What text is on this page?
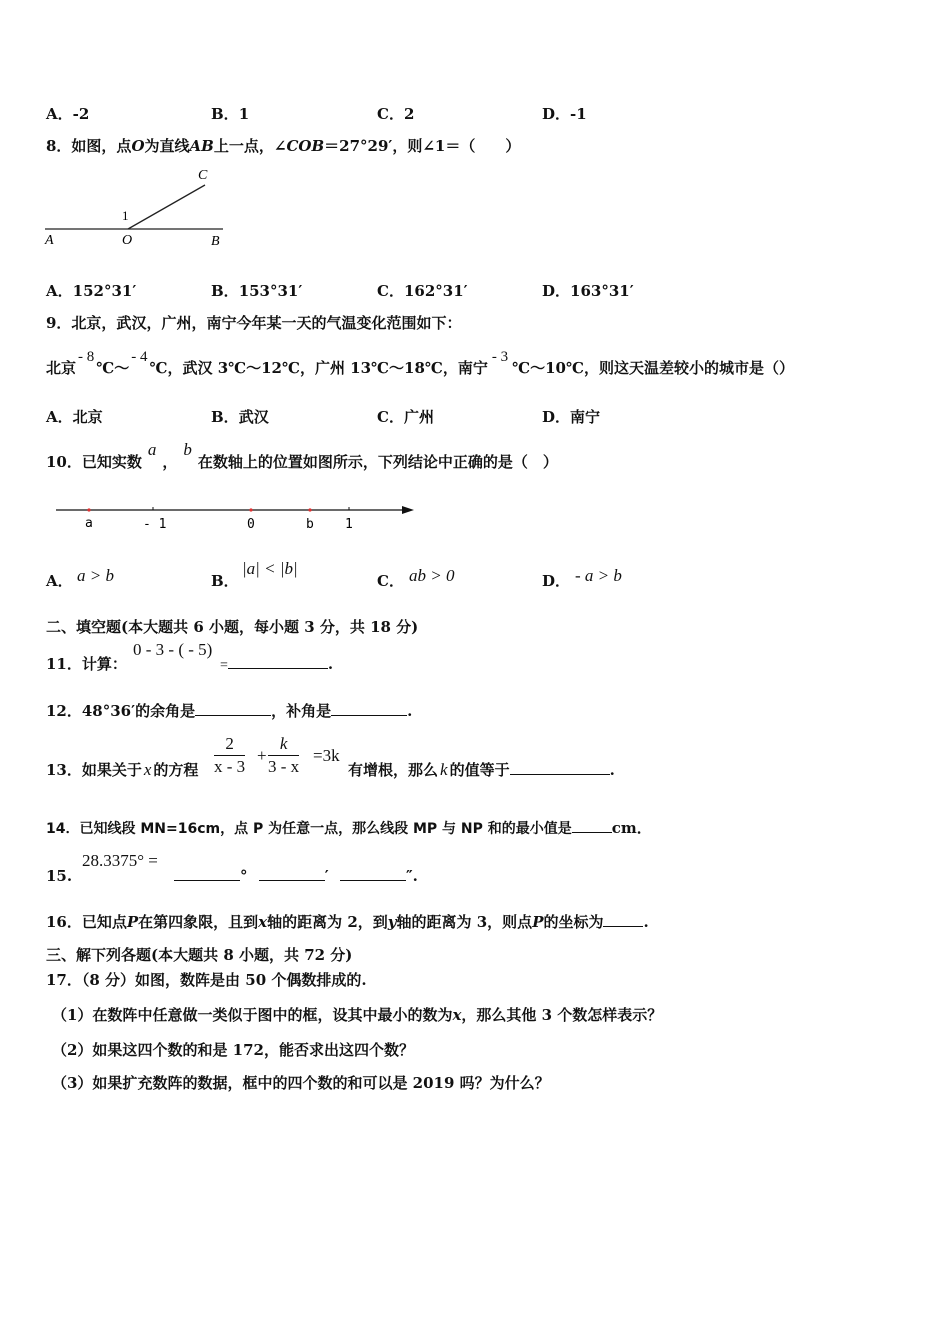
A．-2	B．1	C．2	D．-1
8．如图，点O为直线AB上一点，∠COB＝27°29′，则∠1＝（　　）
A	O	B
C
1
A．152°31′	B．153°31′	C．162°31′	D．163°31′
9．北京，武汉，广州，南宁今年某一天的气温变化范围如下：
北京- 8℃～- 4℃，武汉 3℃～12℃，广州 13℃～18℃，南宁- 3℃～10℃，则这天温差较小的城市是（）
A．北京	B．武汉	C．广州	D．南宁
10．已知实数a，b在数轴上的位置如图所示，下列结论中正确的是（　）
a	- 1	0	b 1
A． a > b	B．
|a| < |b|
C． ab > 0	D． - a > b
二、填空题(本大题共 6 小题，每小题 3 分，共 18 分)
11．计算：
0 - 3 - ( - 5)
=	.
12．48°36′的余角是	，补角是	.
13．如果关于 x 的方程 $\frac{2}{x - 3} + \frac{k}{3 - x} =3k$
有增根，那么 k 的值等于	.
14．已知线段 MN=16cm，点 P 为任意一点，那么线段 MP 与 NP 和的最小值是	cm．
15.
28.3375° =
°	′	″.
16．已知点P在第四象限，且到x轴的距离为 2，到y轴的距离为 3，则点P的坐标为	.
三、解下列各题(本大题共 8 小题，共 72 分)
17．（8 分）如图，数阵是由 50 个偶数排成的.
（1）在数阵中任意做一类似于图中的框，设其中最小的数为x，那么其他 3 个数怎样表示？
（2）如果这四个数的和是 172，能否求出这四个数？
（3）如果扩充数阵的数据，框中的四个数的和可以是 2019 吗？为什么？
